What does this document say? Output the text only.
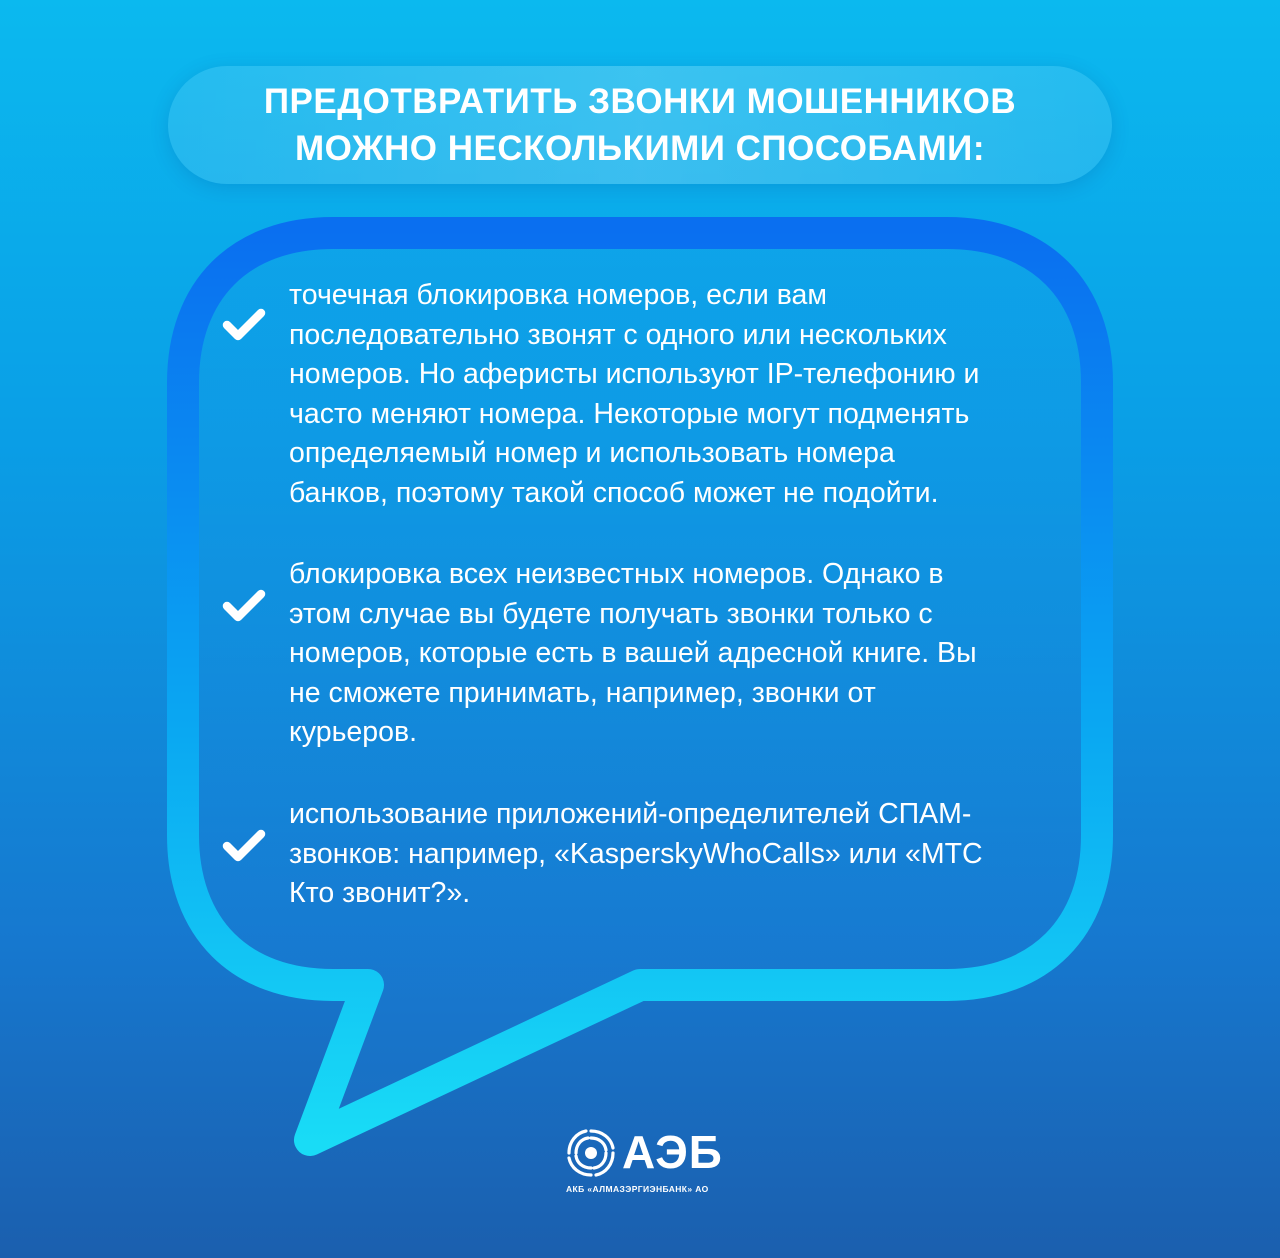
ПРЕДОТВРАТИТЬ ЗВОНКИ МОШЕННИКОВ
МОЖНО НЕСКОЛЬКИМИ СПОСОБАМИ:
точечная блокировка номеров, если вам
последовательно звонят с одного или нескольких
номеров. Но аферисты используют IP-телефонию и
часто меняют номера. Некоторые могут подменять
определяемый номер и использовать номера
банков, поэтому такой способ может не подойти.
блокировка всех неизвестных номеров. Однако в
этом случае вы будете получать звонки только с
номеров, которые есть в вашей адресной книге. Вы
не сможете принимать, например, звонки от
курьеров.
использование приложений-определителей СПАМ-
звонков: например, «KasperskyWhoCalls» или «МТС
Кто звонит?».
АЭБ
АКБ «АЛМАЗЭРГИЭНБАНК» АО
